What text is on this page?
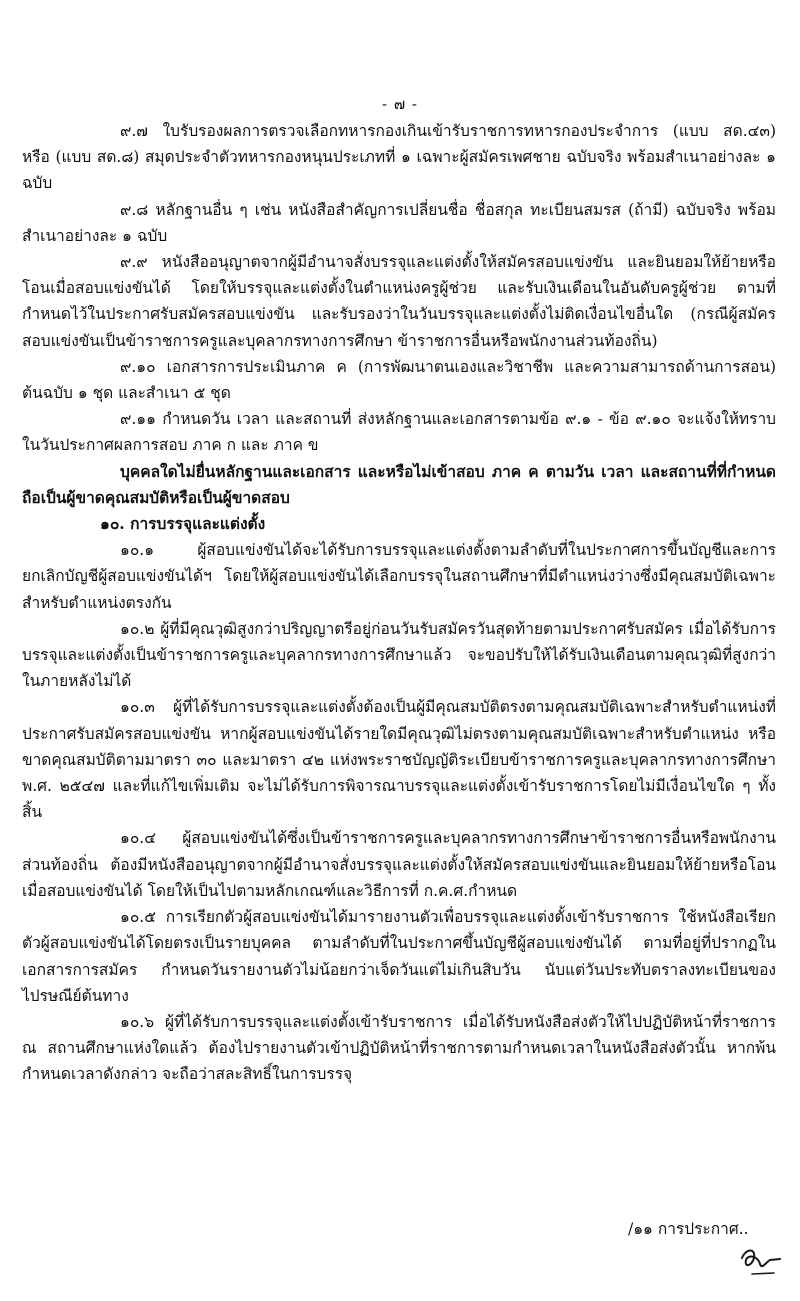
- ๗ -

๙.๗ ใบรับรองผลการตรวจเลือกทหารกองเกินเข้ารับราชการทหารกองประจำการ (แบบ สด.๔๓) หรือ (แบบ สด.๘) สมุดประจำตัวทหารกองหนุนประเภทที่ ๑ เฉพาะผู้สมัครเพศชาย ฉบับจริง พร้อมสำเนาอย่างละ ๑ ฉบับ

๙.๘ หลักฐานอื่น ๆ เช่น หนังสือสำคัญการเปลี่ยนชื่อ ชื่อสกุล ทะเบียนสมรส (ถ้ามี) ฉบับจริง พร้อมสำเนาอย่างละ ๑ ฉบับ

๙.๙ หนังสืออนุญาตจากผู้มีอำนาจสั่งบรรจุและแต่งตั้งให้สมัครสอบแข่งขัน และยินยอมให้ย้ายหรือโอนเมื่อสอบแข่งขันได้ โดยให้บรรจุและแต่งตั้งในตำแหน่งครูผู้ช่วย และรับเงินเดือนในอันดับครูผู้ช่วย ตามที่กำหนดไว้ในประกาศรับสมัครสอบแข่งขัน และรับรองว่าในวันบรรจุและแต่งตั้งไม่ติดเงื่อนไขอื่นใด (กรณีผู้สมัครสอบแข่งขันเป็นข้าราชการครูและบุคลากรทางการศึกษา ข้าราชการอื่นหรือพนักงานส่วนท้องถิ่น)

๙.๑๐ เอกสารการประเมินภาค ค (การพัฒนาตนเองและวิชาชีพ และความสามารถด้านการสอน) ต้นฉบับ ๑ ชุด และสำเนา ๕ ชุด

๙.๑๑ กำหนดวัน เวลา และสถานที่ ส่งหลักฐานและเอกสารตามข้อ ๙.๑ - ข้อ ๙.๑๐ จะแจ้งให้ทราบในวันประกาศผลการสอบ ภาค ก และ ภาค ข

บุคคลใดไม่ยื่นหลักฐานและเอกสาร และหรือไม่เข้าสอบ ภาค ค ตามวัน เวลา และสถานที่ที่กำหนดถือเป็นผู้ขาดคุณสมบัติหรือเป็นผู้ขาดสอบ

๑๐. การบรรจุและแต่งตั้ง

๑๐.๑ ผู้สอบแข่งขันได้จะได้รับการบรรจุและแต่งตั้งตามลำดับที่ในประกาศการขึ้นบัญชีและการยกเลิกบัญชีผู้สอบแข่งขันได้ฯ โดยให้ผู้สอบแข่งขันได้เลือกบรรจุในสถานศึกษาที่มีตำแหน่งว่างซึ่งมีคุณสมบัติเฉพาะสำหรับตำแหน่งตรงกัน

๑๐.๒ ผู้ที่มีคุณวุฒิสูงกว่าปริญญาตรีอยู่ก่อนวันรับสมัครวันสุดท้ายตามประกาศรับสมัคร เมื่อได้รับการบรรจุและแต่งตั้งเป็นข้าราชการครูและบุคลากรทางการศึกษาแล้ว จะขอปรับให้ได้รับเงินเดือนตามคุณวุฒิที่สูงกว่าในภายหลังไม่ได้

๑๐.๓ ผู้ที่ได้รับการบรรจุและแต่งตั้งต้องเป็นผู้มีคุณสมบัติตรงตามคุณสมบัติเฉพาะสำหรับตำแหน่งที่ประกาศรับสมัครสอบแข่งขัน หากผู้สอบแข่งขันได้รายใดมีคุณวุฒิไม่ตรงตามคุณสมบัติเฉพาะสำหรับตำแหน่ง หรือขาดคุณสมบัติตามมาตรา ๓๐ และมาตรา ๔๒ แห่งพระราชบัญญัติระเบียบข้าราชการครูและบุคลากรทางการศึกษา พ.ศ. ๒๕๔๗ และที่แก้ไขเพิ่มเติม จะไม่ได้รับการพิจารณาบรรจุและแต่งตั้งเข้ารับราชการโดยไม่มีเงื่อนไขใด ๆ ทั้งสิ้น

๑๐.๔ ผู้สอบแข่งขันได้ซึ่งเป็นข้าราชการครูและบุคลากรทางการศึกษาข้าราชการอื่นหรือพนักงานส่วนท้องถิ่น ต้องมีหนังสืออนุญาตจากผู้มีอำนาจสั่งบรรจุและแต่งตั้งให้สมัครสอบแข่งขันและยินยอมให้ย้ายหรือโอนเมื่อสอบแข่งขันได้ โดยให้เป็นไปตามหลักเกณฑ์และวิธีการที่ ก.ค.ศ.กำหนด

๑๐.๕ การเรียกตัวผู้สอบแข่งขันได้มารายงานตัวเพื่อบรรจุและแต่งตั้งเข้ารับราชการ ใช้หนังสือเรียกตัวผู้สอบแข่งขันได้โดยตรงเป็นรายบุคคล ตามลำดับที่ในประกาศขึ้นบัญชีผู้สอบแข่งขันได้ ตามที่อยู่ที่ปรากฏในเอกสารการสมัคร กำหนดวันรายงานตัวไม่น้อยกว่าเจ็ดวันแต่ไม่เกินสิบวัน นับแต่วันประทับตราลงทะเบียนของไปรษณีย์ต้นทาง

๑๐.๖ ผู้ที่ได้รับการบรรจุและแต่งตั้งเข้ารับราชการ เมื่อได้รับหนังสือส่งตัวให้ไปปฏิบัติหน้าที่ราชการ ณ สถานศึกษาแห่งใดแล้ว ต้องไปรายงานตัวเข้าปฏิบัติหน้าที่ราชการตามกำหนดเวลาในหนังสือส่งตัวนั้น หากพ้นกำหนดเวลาดังกล่าว จะถือว่าสละสิทธิ์ในการบรรจุ

/๑๑ การประกาศ..
